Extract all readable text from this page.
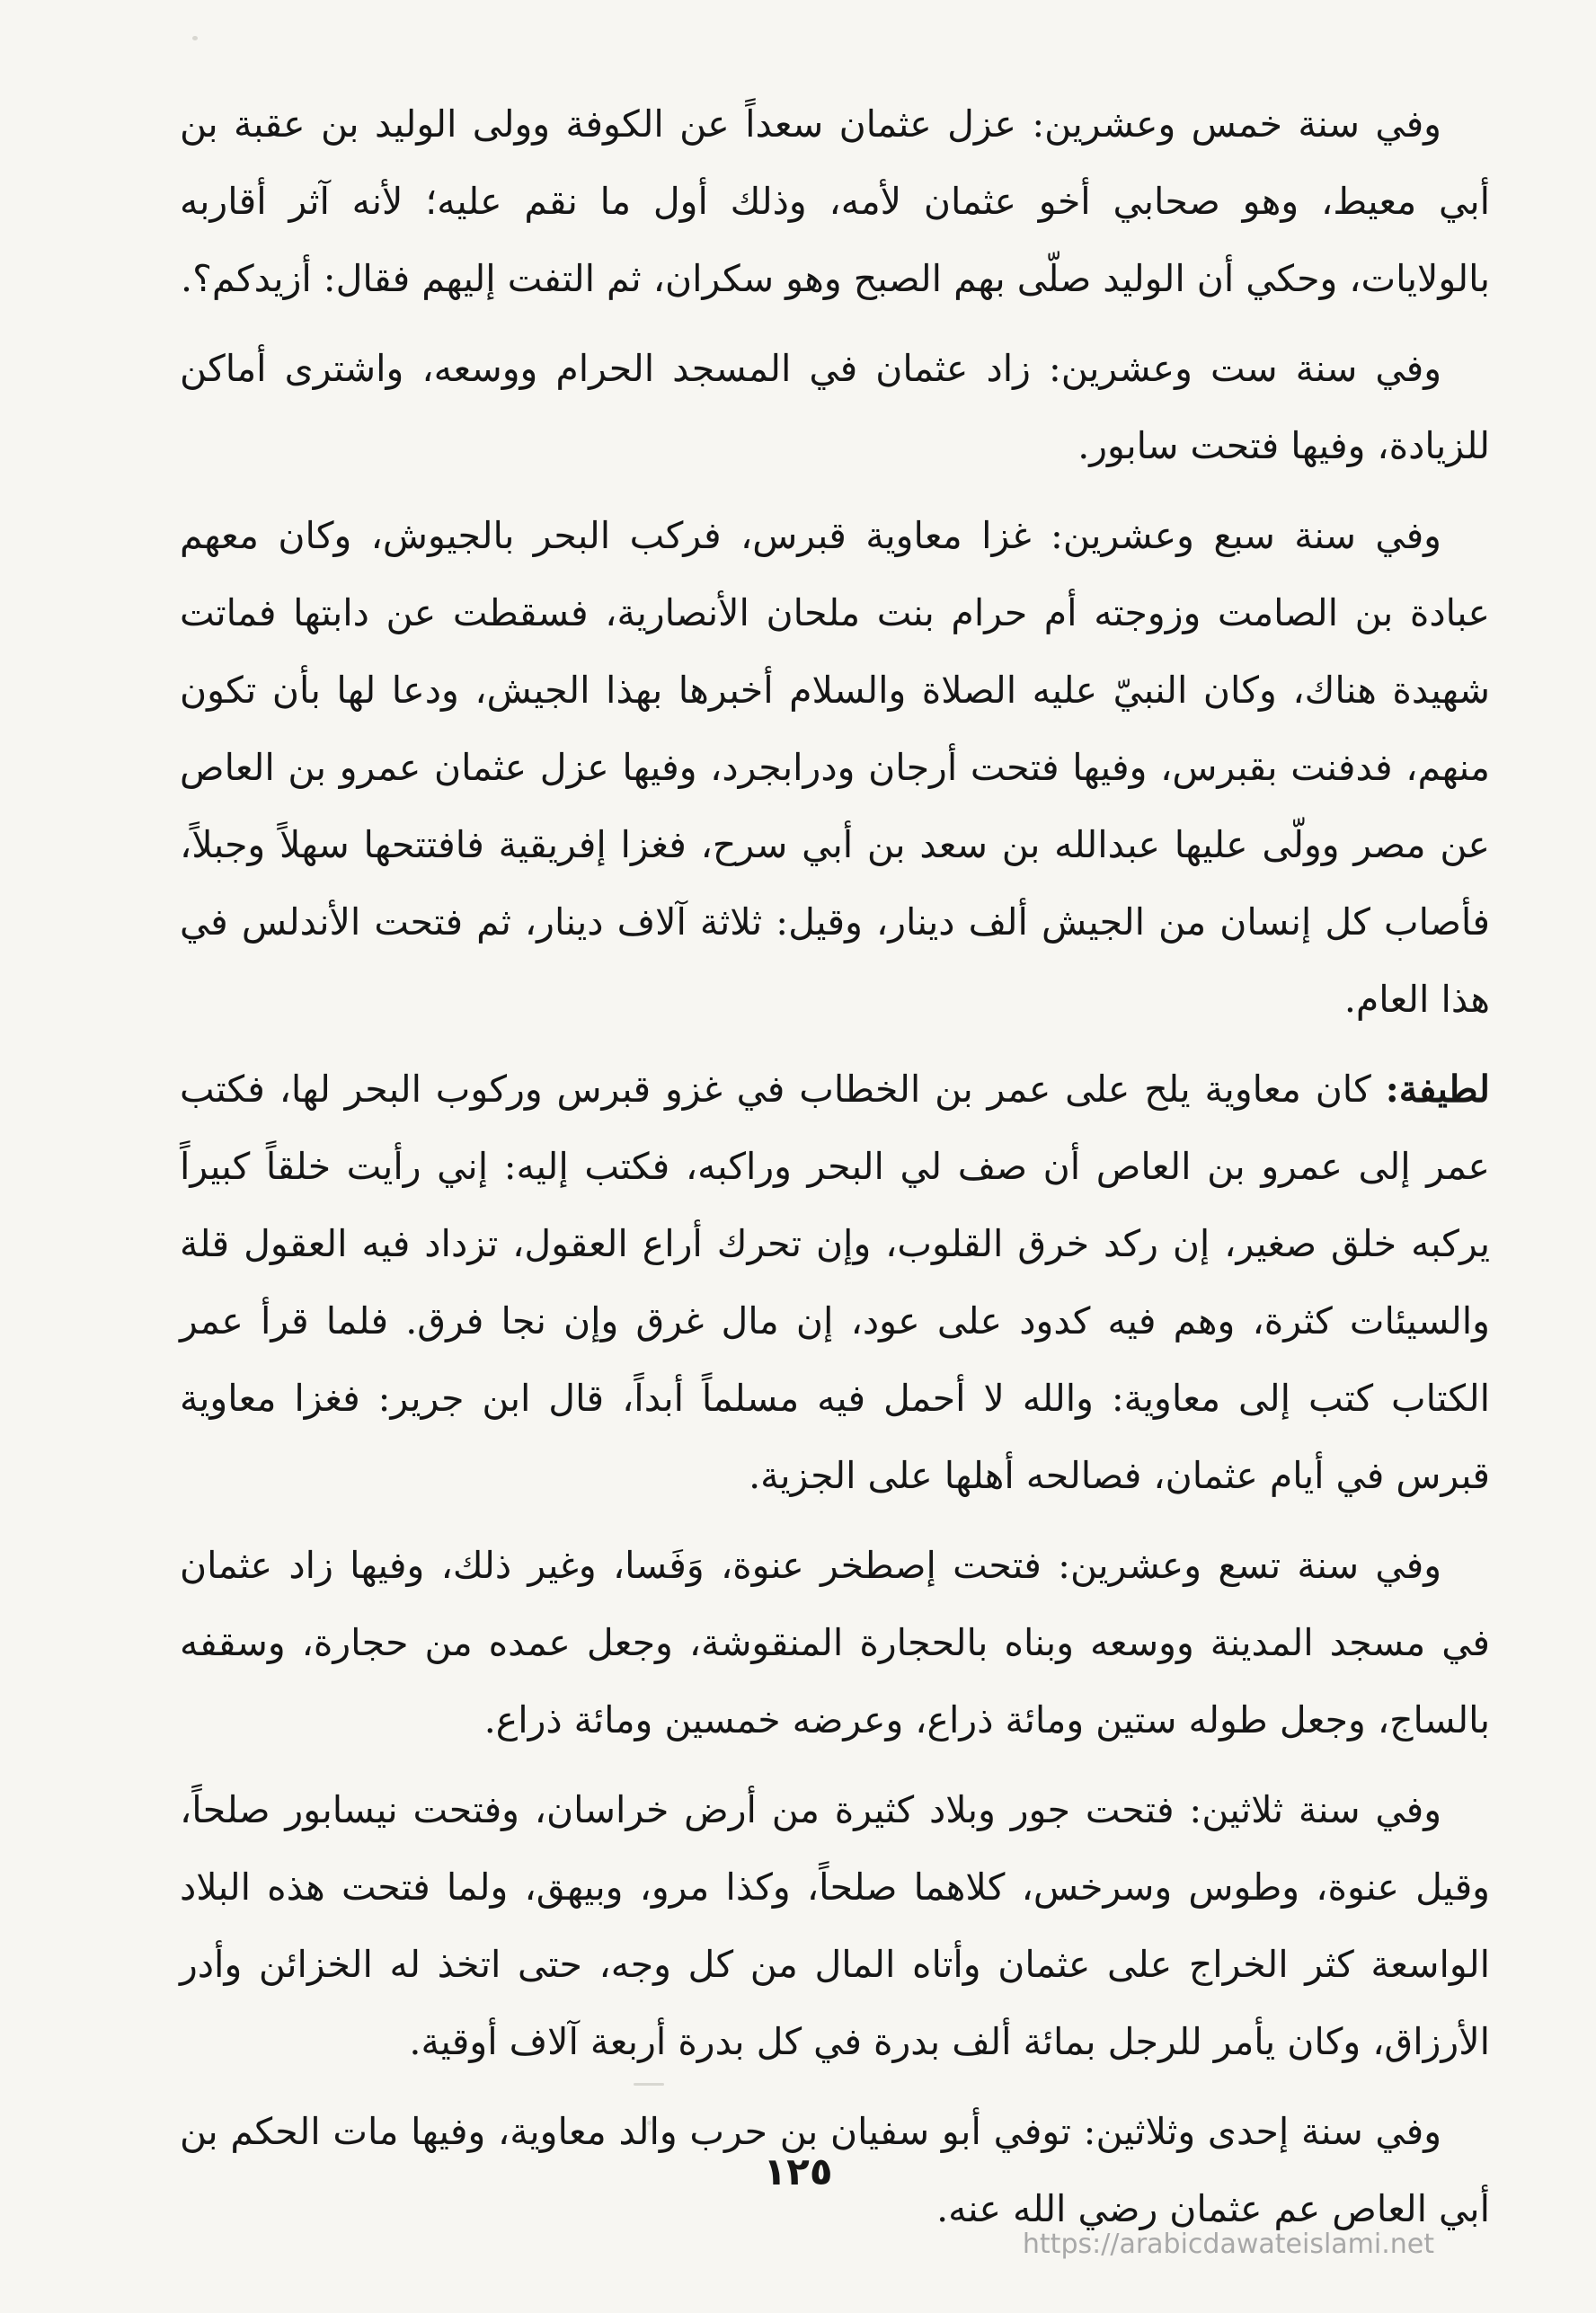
وفي سنة خمس وعشرين: عزل عثمان سعداً عن الكوفة وولى الوليد بن عقبة بن أبي معيط، وهو صحابي أخو عثمان لأمه، وذلك أول ما نقم عليه؛ لأنه آثر أقاربه بالولايات، وحكي أن الوليد صلّى بهم الصبح وهو سكران، ثم التفت إليهم فقال: أزيدكم؟.

وفي سنة ست وعشرين: زاد عثمان في المسجد الحرام ووسعه، واشترى أماكن للزيادة، وفيها فتحت سابور.

وفي سنة سبع وعشرين: غزا معاوية قبرس، فركب البحر بالجيوش، وكان معهم عبادة بن الصامت وزوجته أم حرام بنت ملحان الأنصارية، فسقطت عن دابتها فماتت شهيدة هناك، وكان النبيّ عليه الصلاة والسلام أخبرها بهذا الجيش، ودعا لها بأن تكون منهم، فدفنت بقبرس، وفيها فتحت أرجان ودرابجرد، وفيها عزل عثمان عمرو بن العاص عن مصر وولّى عليها عبدالله بن سعد بن أبي سرح، فغزا إفريقية فافتتحها سهلاً وجبلاً، فأصاب كل إنسان من الجيش ألف دينار، وقيل: ثلاثة آلاف دينار، ثم فتحت الأندلس في هذا العام.

لطيفة: كان معاوية يلح على عمر بن الخطاب في غزو قبرس وركوب البحر لها، فكتب عمر إلى عمرو بن العاص أن صف لي البحر وراكبه، فكتب إليه: إني رأيت خلقاً كبيراً يركبه خلق صغير، إن ركد خرق القلوب، وإن تحرك أراع العقول، تزداد فيه العقول قلة والسيئات كثرة، وهم فيه كدود على عود، إن مال غرق وإن نجا فرق. فلما قرأ عمر الكتاب كتب إلى معاوية: والله لا أحمل فيه مسلماً أبداً، قال ابن جرير: فغزا معاوية قبرس في أيام عثمان، فصالحه أهلها على الجزية.

وفي سنة تسع وعشرين: فتحت إصطخر عنوة، وَفَسا، وغير ذلك، وفيها زاد عثمان في مسجد المدينة ووسعه وبناه بالحجارة المنقوشة، وجعل عمده من حجارة، وسقفه بالساج، وجعل طوله ستين ومائة ذراع، وعرضه خمسين ومائة ذراع.

وفي سنة ثلاثين: فتحت جور وبلاد كثيرة من أرض خراسان، وفتحت نيسابور صلحاً، وقيل عنوة، وطوس وسرخس، كلاهما صلحاً، وكذا مرو، وبيهق، ولما فتحت هذه البلاد الواسعة كثر الخراج على عثمان وأتاه المال من كل وجه، حتى اتخذ له الخزائن وأدر الأرزاق، وكان يأمر للرجل بمائة ألف بدرة في كل بدرة أربعة آلاف أوقية.

وفي سنة إحدى وثلاثين: توفي أبو سفيان بن حرب والد معاوية، وفيها مات الحكم بن أبي العاص عم عثمان رضي الله عنه.

١٢٥
https://arabicdawateislami.net
